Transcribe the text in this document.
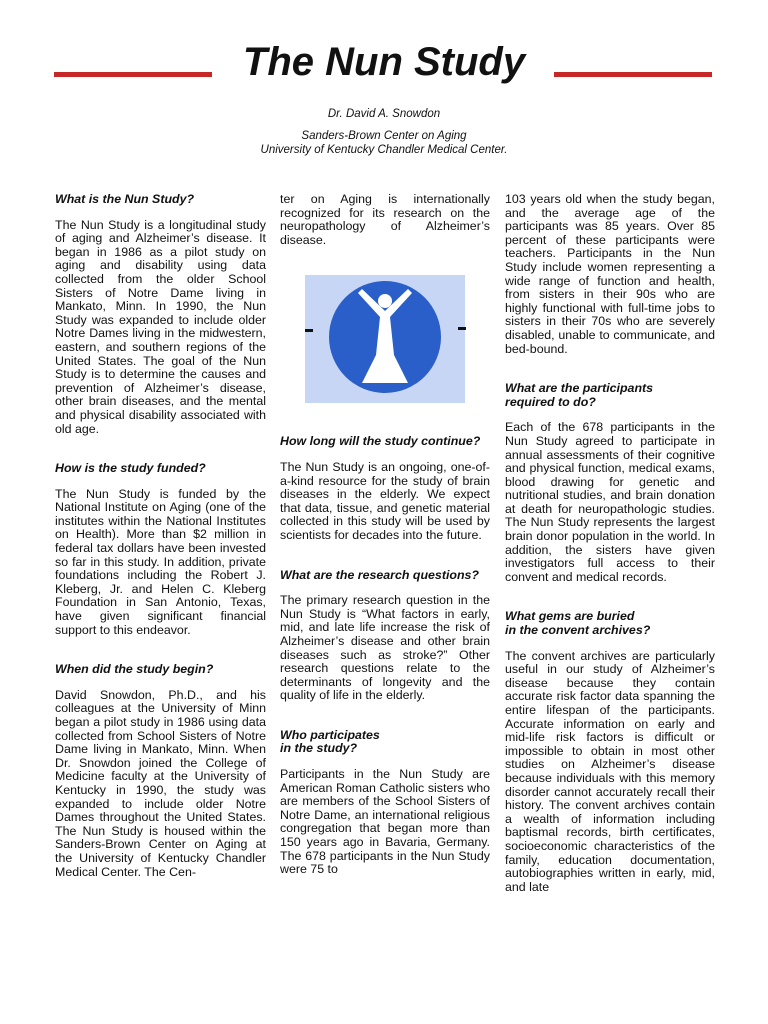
The Nun Study

Dr. David A. Snowdon

Sanders-Brown Center on Aging

University of Kentucky Chandler Medical Center.

What is the Nun Study?

The Nun Study is a longitudinal study of aging and Alzheimer’s disease. It began in 1986 as a pilot study on aging and disability using data collected from the older School Sisters of Notre Dame living in Mankato, Minn. In 1990, the Nun Study was expanded to include older Notre Dames living in the midwestern, eastern, and southern regions of the United States. The goal of the Nun Study is to determine the causes and prevention of Alzheimer’s disease, other brain diseases, and the mental and physical disability associated with old age.

How is the study funded?

The Nun Study is funded by the National Institute on Aging (one of the institutes within the National Institutes on Health). More than $2 million in federal tax dollars have been invested so far in this study. In addition, private foundations including the Robert J. Kleberg, Jr. and Helen C. Kleberg Foundation in San Antonio, Texas, have given significant financial support to this endeavor.

When did the study begin?

David Snowdon, Ph.D., and his colleagues at the University of Minn began a pilot study in 1986 using data collected from School Sisters of Notre Dame living in Mankato, Minn. When Dr. Snowdon joined the College of Medicine faculty at the University of Kentucky in 1990, the study was expanded to include older Notre Dames throughout the United States. The Nun Study is housed within the Sanders-Brown Center on Aging at the University of Kentucky Chandler Medical Center. The Cen-

ter on Aging is internationally recognized for its research on the neuropathology of Alzheimer’s disease.

How long will the study continue?

The Nun Study is an ongoing, one-of-a-kind resource for the study of brain diseases in the elderly. We expect that data, tissue, and genetic material collected in this study will be used by scientists for decades into the future.

What are the research questions?

The primary research question in the Nun Study is “What factors in early, mid, and late life increase the risk of Alzheimer’s disease and other brain diseases such as stroke?” Other research questions relate to the determinants of longevity and the quality of life in the elderly.

Who participates
in the study?

Participants in the Nun Study are American Roman Catholic sisters who are members of the School Sisters of Notre Dame, an international religious congregation that began more than 150 years ago in Bavaria, Germany. The 678 participants in the Nun Study were 75 to

103 years old when the study began, and the average age of the participants was 85 years. Over 85 percent of these participants were teachers. Participants in the Nun Study include women representing a wide range of function and health, from sisters in their 90s who are highly functional with full-time jobs to sisters in their 70s who are severely disabled, unable to communicate, and bed-bound.

What are the participants
required to do?

Each of the 678 participants in the Nun Study agreed to participate in annual assessments of their cognitive and physical function, medical exams, blood drawing for genetic and nutritional studies, and brain donation at death for neuropathologic studies. The Nun Study represents the largest brain donor population in the world. In addition, the sisters have given investigators full access to their convent and medical records.

What gems are buried
in the convent archives?

The convent archives are particularly useful in our study of Alzheimer’s disease because they contain accurate risk factor data spanning the entire lifespan of the participants. Accurate information on early and mid-life risk factors is difficult or impossible to obtain in most other studies on Alzheimer’s disease because individuals with this memory disorder cannot accurately recall their history. The convent archives contain a wealth of information including baptismal records, birth certificates, socioeconomic characteristics of the family, education documentation, autobiographies written in early, mid, and late
